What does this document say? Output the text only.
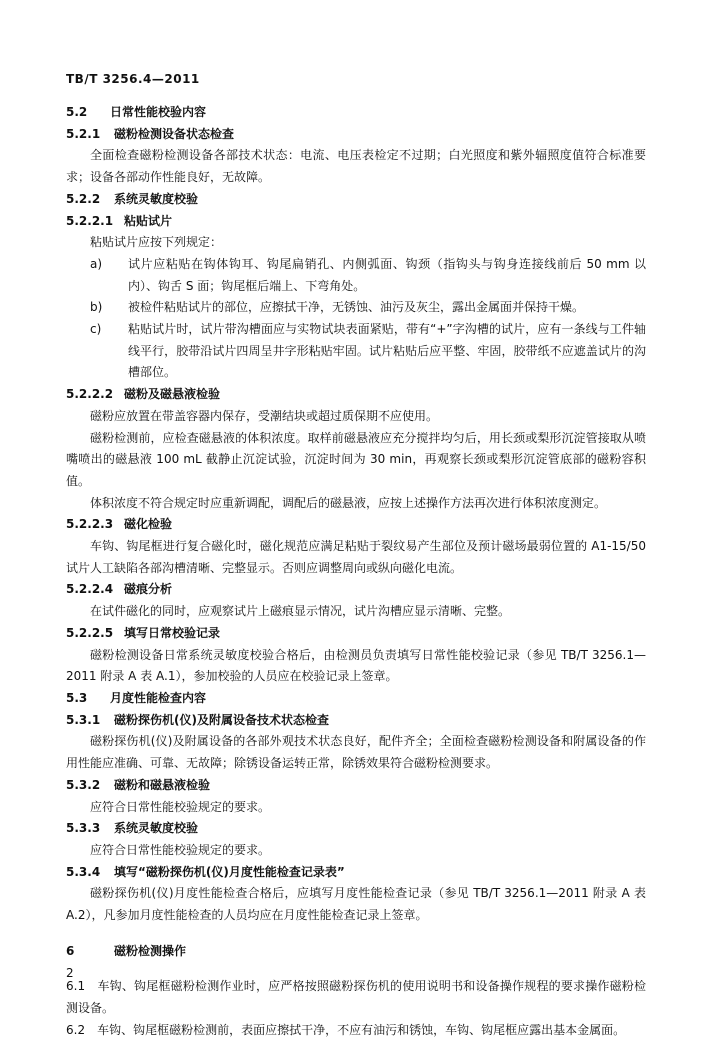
TB/T 3256.4—2011
5.2 日常性能校验内容
5.2.1 磁粉检测设备状态检查
全面检查磁粉检测设备各部技术状态：电流、电压表检定不过期；白光照度和紫外辐照度值符合标准要求；设备各部动作性能良好，无故障。
5.2.2 系统灵敏度校验
5.2.2.1 粘贴试片
粘贴试片应按下列规定：
a)	试片应粘贴在钩体钩耳、钩尾扁销孔、内侧弧面、钩颈（指钩头与钩身连接线前后 50 mm 以内）、钩舌 S 面；钩尾框后端上、下弯角处。
b)	被检件粘贴试片的部位，应擦拭干净，无锈蚀、油污及灰尘，露出金属面并保持干燥。
c)	粘贴试片时，试片带沟槽面应与实物试块表面紧贴，带有“+”字沟槽的试片，应有一条线与工件轴线平行，胶带沿试片四周呈井字形粘贴牢固。试片粘贴后应平整、牢固，胶带纸不应遮盖试片的沟槽部位。
5.2.2.2 磁粉及磁悬液检验
磁粉应放置在带盖容器内保存，受潮结块或超过质保期不应使用。
磁粉检测前，应检查磁悬液的体积浓度。取样前磁悬液应充分搅拌均匀后，用长颈或梨形沉淀管接取从喷嘴喷出的磁悬液 100 mL 截静止沉淀试验，沉淀时间为 30 min，再观察长颈或梨形沉淀管底部的磁粉容积值。
体积浓度不符合规定时应重新调配，调配后的磁悬液，应按上述操作方法再次进行体积浓度测定。
5.2.2.3 磁化检验
车钩、钩尾框进行复合磁化时，磁化规范应满足粘贴于裂纹易产生部位及预计磁场最弱位置的 A1-15/50试片人工缺陷各部沟槽清晰、完整显示。否则应调整周向或纵向磁化电流。
5.2.2.4 磁痕分析
在试件磁化的同时，应观察试片上磁痕显示情况，试片沟槽应显示清晰、完整。
5.2.2.5 填写日常校验记录
磁粉检测设备日常系统灵敏度校验合格后，由检测员负责填写日常性能校验记录（参见 TB/T 3256.1—2011 附录 A 表 A.1），参加校验的人员应在校验记录上签章。
5.3 月度性能检查内容
5.3.1 磁粉探伤机(仪)及附属设备技术状态检查
磁粉探伤机(仪)及附属设备的各部外观技术状态良好，配件齐全；全面检查磁粉检测设备和附属设备的作用性能应准确、可靠、无故障；除锈设备运转正常，除锈效果符合磁粉检测要求。
5.3.2 磁粉和磁悬液检验
应符合日常性能校验规定的要求。
5.3.3 系统灵敏度校验
应符合日常性能校验规定的要求。
5.3.4 填写“磁粉探伤机(仪)月度性能检查记录表”
磁粉探伤机(仪)月度性能检查合格后，应填写月度性能检查记录（参见 TB/T 3256.1—2011 附录 A 表 A.2），凡参加月度性能检查的人员均应在月度性能检查记录上签章。
6	磁粉检测操作
6.1　车钩、钩尾框磁粉检测作业时，应严格按照磁粉探伤机的使用说明书和设备操作规程的要求操作磁粉检测设备。
6.2　车钩、钩尾框磁粉检测前，表面应擦拭干净，不应有油污和锈蚀，车钩、钩尾框应露出基本金属面。
2
